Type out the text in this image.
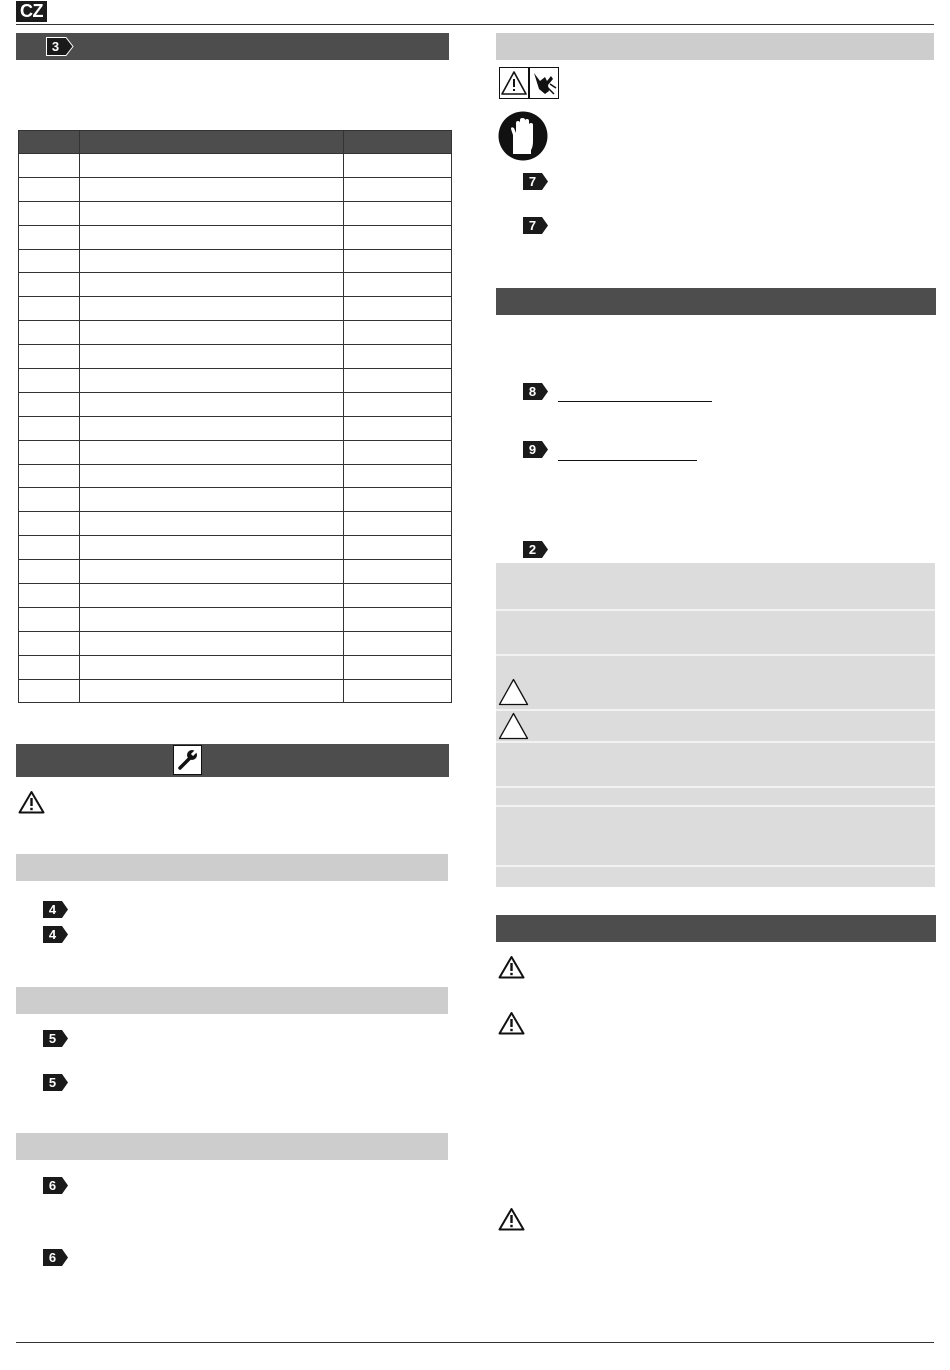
CZ
3

4
4
5
5
6
6
7
7
8
9
2
